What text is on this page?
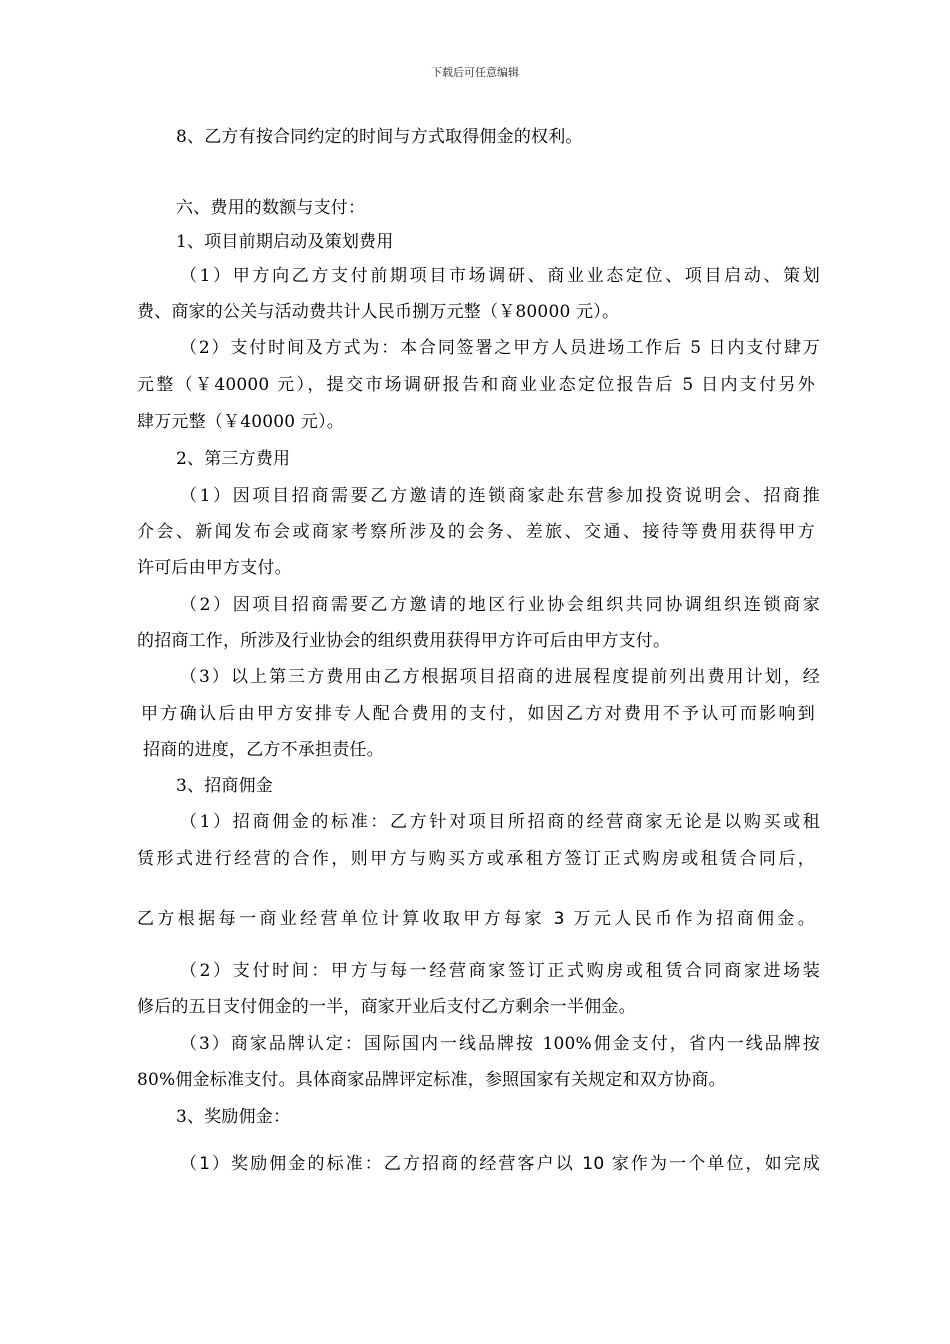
下载后可任意编辑
8、乙方有按合同约定的时间与方式取得佣金的权利。
六、费用的数额与支付：
1、项目前期启动及策划费用
（1）甲方向乙方支付前期项目市场调研、商业业态定位、项目启动、策划
费、商家的公关与活动费共计人民币捌万元整（￥80000 元）。
（2）支付时间及方式为：本合同签署之甲方人员进场工作后 5 日内支付肆万
元整（￥40000 元），提交市场调研报告和商业业态定位报告后 5 日内支付另外
肆万元整（￥40000 元）。
2、第三方费用
（1）因项目招商需要乙方邀请的连锁商家赴东营参加投资说明会、招商推
介会、新闻发布会或商家考察所涉及的会务、差旅、交通、接待等费用获得甲方
许可后由甲方支付。
（2）因项目招商需要乙方邀请的地区行业协会组织共同协调组织连锁商家
的招商工作，所涉及行业协会的组织费用获得甲方许可后由甲方支付。
（3）以上第三方费用由乙方根据项目招商的进展程度提前列出费用计划，经
甲方确认后由甲方安排专人配合费用的支付，如因乙方对费用不予认可而影响到
招商的进度，乙方不承担责任。
3、招商佣金
（1）招商佣金的标准：乙方针对项目所招商的经营商家无论是以购买或租
赁形式进行经营的合作，则甲方与购买方或承租方签订正式购房或租赁合同后，
乙方根据每一商业经营单位计算收取甲方每家 3 万元人民币作为招商佣金。
（2）支付时间：甲方与每一经营商家签订正式购房或租赁合同商家进场装
修后的五日支付佣金的一半，商家开业后支付乙方剩余一半佣金。
（3）商家品牌认定：国际国内一线品牌按 100%佣金支付，省内一线品牌按
80%佣金标准支付。具体商家品牌评定标准，参照国家有关规定和双方协商。
3、奖励佣金：
（1）奖励佣金的标准：乙方招商的经营客户以 10 家作为一个单位，如完成
